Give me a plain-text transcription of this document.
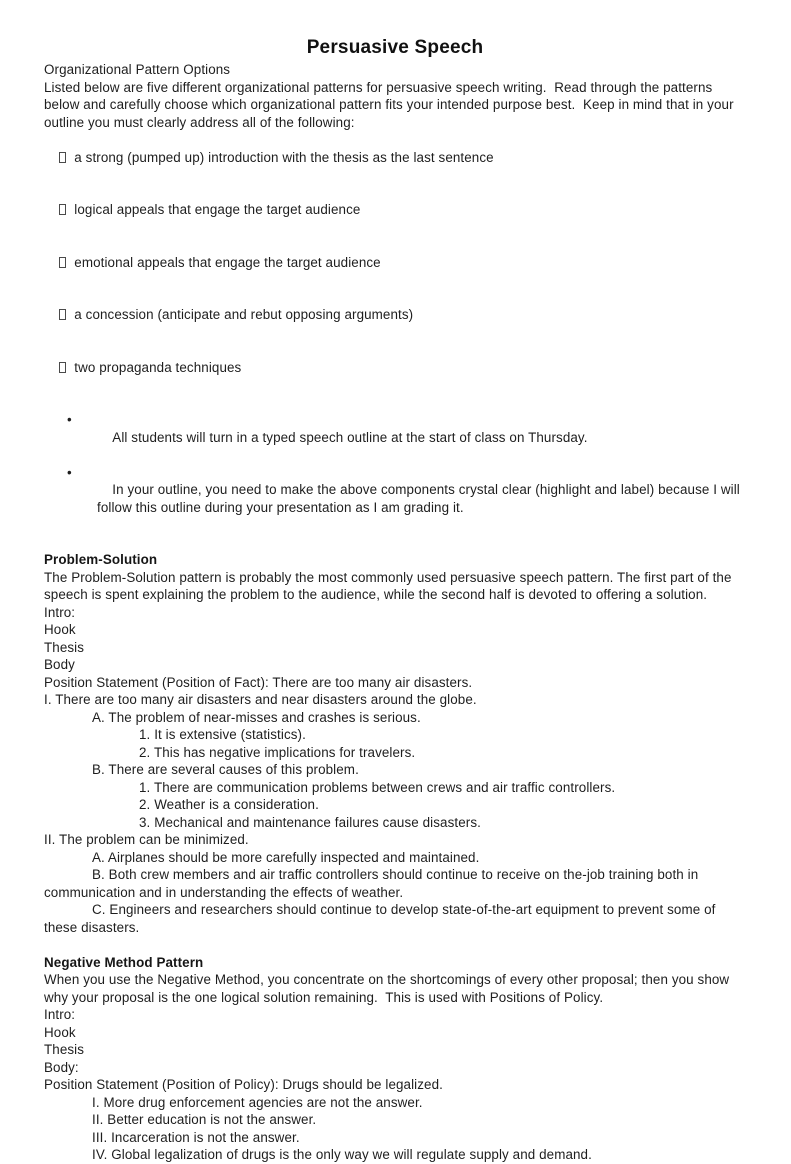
Persuasive Speech
Organizational Pattern Options
Listed below are five different organizational patterns for persuasive speech writing.  Read through the patterns below and carefully choose which organizational pattern fits your intended purpose best.  Keep in mind that in your outline you must clearly address all of the following:

a strong (pumped up) introduction with the thesis as the last sentence

logical appeals that engage the target audience

emotional appeals that engage the target audience

a concession (anticipate and rebut opposing arguments)

two propaganda techniques

•
All students will turn in a typed speech outline at the start of class on Thursday.

•
In your outline, you need to make the above components crystal clear (highlight and label) because I will follow this outline during your presentation as I am grading it.

Problem-Solution
The Problem-Solution pattern is probably the most commonly used persuasive speech pattern. The first part of the speech is spent explaining the problem to the audience, while the second half is devoted to offering a solution.
Intro:
Hook
Thesis
Body
Position Statement (Position of Fact): There are too many air disasters.
I. There are too many air disasters and near disasters around the globe.
A. The problem of near-misses and crashes is serious.
1. It is extensive (statistics).
2. This has negative implications for travelers.
B. There are several causes of this problem.
1. There are communication problems between crews and air traffic controllers.
2. Weather is a consideration.
3. Mechanical and maintenance failures cause disasters.
II. The problem can be minimized.
A. Airplanes should be more carefully inspected and maintained.
B. Both crew members and air traffic controllers should continue to receive on the-job training both in communication and in understanding the effects of weather.
C. Engineers and researchers should continue to develop state-of-the-art equipment to prevent some of these disasters.
Negative Method Pattern
When you use the Negative Method, you concentrate on the shortcomings of every other proposal; then you show why your proposal is the one logical solution remaining.  This is used with Positions of Policy.
Intro:
Hook
Thesis
Body:
Position Statement (Position of Policy): Drugs should be legalized.
I. More drug enforcement agencies are not the answer.
II. Better education is not the answer.
III. Incarceration is not the answer.
IV. Global legalization of drugs is the only way we will regulate supply and demand.
